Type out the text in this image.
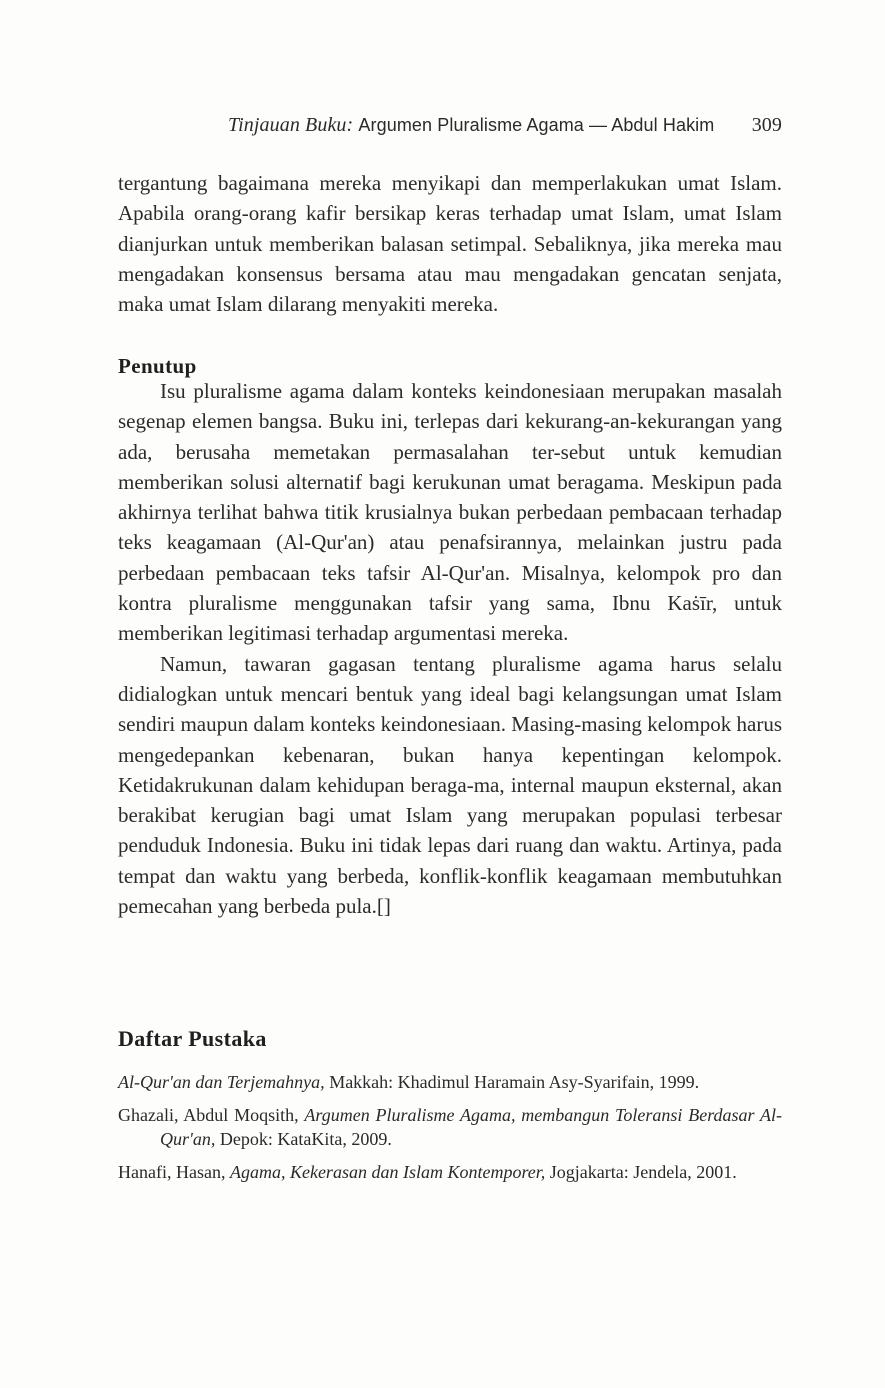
Tinjauan Buku: Argumen Pluralisme Agama — Abdul Hakim 309

tergantung bagaimana mereka menyikapi dan memperlakukan umat Islam. Apabila orang-orang kafir bersikap keras terhadap umat Islam, umat Islam dianjurkan untuk memberikan balasan setimpal. Sebaliknya, jika mereka mau mengadakan konsensus bersama atau mau mengadakan gencatan senjata, maka umat Islam dilarang menyakiti mereka.

Penutup

Isu pluralisme agama dalam konteks keindonesiaan merupakan masalah segenap elemen bangsa. Buku ini, terlepas dari kekurang-an-kekurangan yang ada, berusaha memetakan permasalahan ter-sebut untuk kemudian memberikan solusi alternatif bagi kerukunan umat beragama. Meskipun pada akhirnya terlihat bahwa titik krusialnya bukan perbedaan pembacaan terhadap teks keagamaan (Al-Qur'an) atau penafsirannya, melainkan justru pada perbedaan pembacaan teks tafsir Al-Qur'an. Misalnya, kelompok pro dan kontra pluralisme menggunakan tafsir yang sama, Ibnu Kaṡīr, untuk memberikan legitimasi terhadap argumentasi mereka.

Namun, tawaran gagasan tentang pluralisme agama harus selalu didialogkan untuk mencari bentuk yang ideal bagi kelangsungan umat Islam sendiri maupun dalam konteks keindonesiaan. Masing-masing kelompok harus mengedepankan kebenaran, bukan hanya kepentingan kelompok. Ketidakrukunan dalam kehidupan beraga-ma, internal maupun eksternal, akan berakibat kerugian bagi umat Islam yang merupakan populasi terbesar penduduk Indonesia. Buku ini tidak lepas dari ruang dan waktu. Artinya, pada tempat dan waktu yang berbeda, konflik-konflik keagamaan membutuhkan pemecahan yang berbeda pula.[]

Daftar Pustaka

Al-Qur'an dan Terjemahnya, Makkah: Khadimul Haramain Asy-Syarifain, 1999.

Ghazali, Abdul Moqsith, Argumen Pluralisme Agama, membangun Toleransi Berdasar Al-Qur'an, Depok: KataKita, 2009.

Hanafi, Hasan, Agama, Kekerasan dan Islam Kontemporer, Jogjakarta: Jendela, 2001.
